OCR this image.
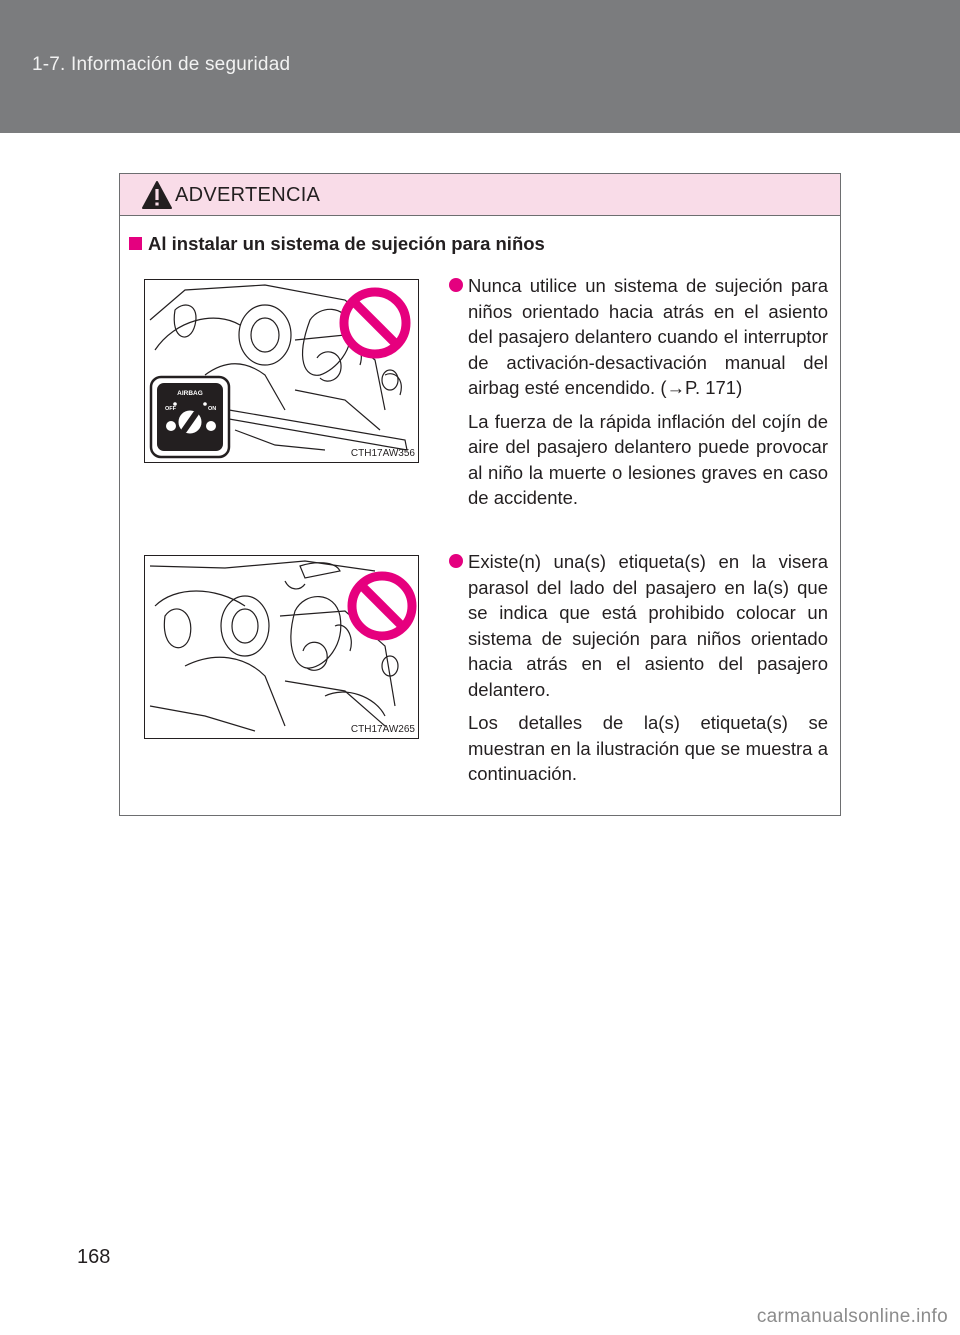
1-7. Información de seguridad
ADVERTENCIA
Al instalar un sistema de sujeción para niños
AIRBAG
OFF	ON
CTH17AW356
CTH17AW265

Nunca utilice un sistema de sujeción para niños orientado hacia atrás en el asiento del pasajero delantero cuando el interruptor de activación-desactivación manual del airbag esté encendido. (→P. 171)

La fuerza de la rápida inflación del cojín de aire del pasajero delantero puede provocar al niño la muerte o lesiones graves en caso de accidente.

Existe(n) una(s) etiqueta(s) en la visera parasol del lado del pasajero en la(s) que se indica que está prohibido colocar un sistema de sujeción para niños orientado hacia atrás en el asiento del pasajero delantero.

Los detalles de la(s) etiqueta(s) se muestran en la ilustración que se muestra a continuación.

168
carmanualsonline.info
